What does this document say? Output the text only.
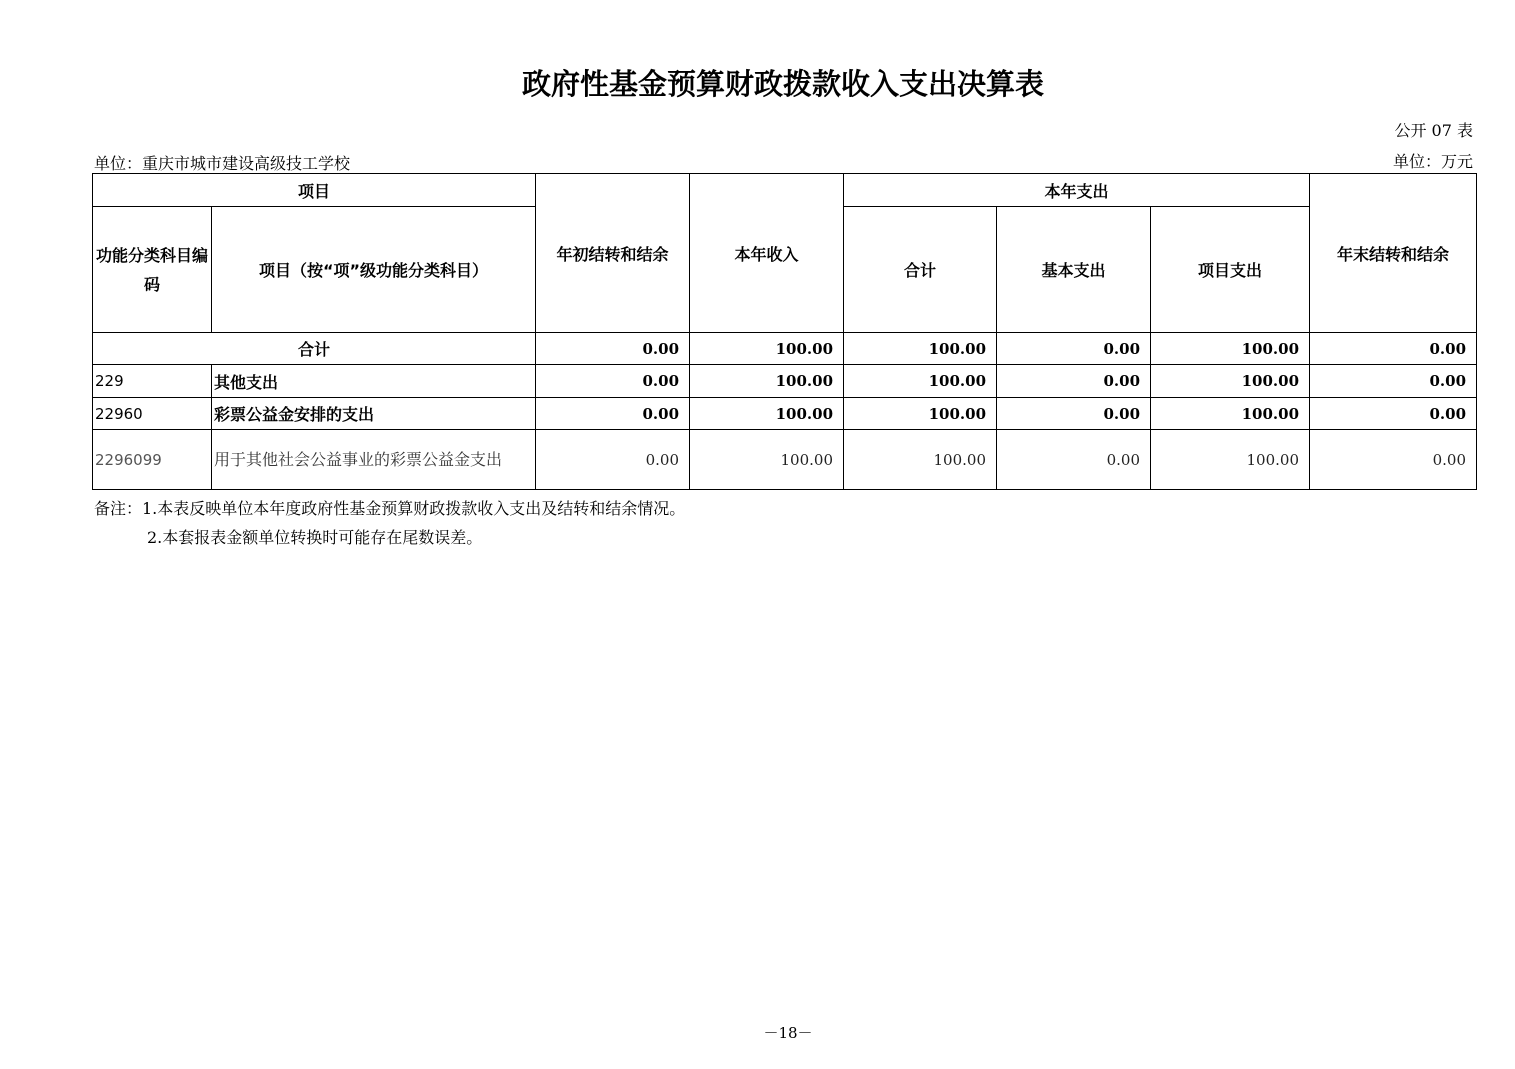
政府性基金预算财政拨款收入支出决算表
公开 07 表
单位：重庆市城市建设高级技工学校	单位：万元
项目		年初结转和结余	本年收入	本年支出			年末结转和结余
功能分类科目编码	项目（按“项”级功能分类科目）			合计	基本支出	项目支出	
合计		0.00	100.00	100.00	0.00	100.00	0.00
229	其他支出	0.00	100.00	100.00	0.00	100.00	0.00
22960	彩票公益金安排的支出	0.00	100.00	100.00	0.00	100.00	0.00
2296099	用于其他社会公益事业的彩票公益金支出	0.00	100.00	100.00	0.00	100.00	0.00
备注：1.本表反映单位本年度政府性基金预算财政拨款收入支出及结转和结余情况。
2.本套报表金额单位转换时可能存在尾数误差。
－18－
